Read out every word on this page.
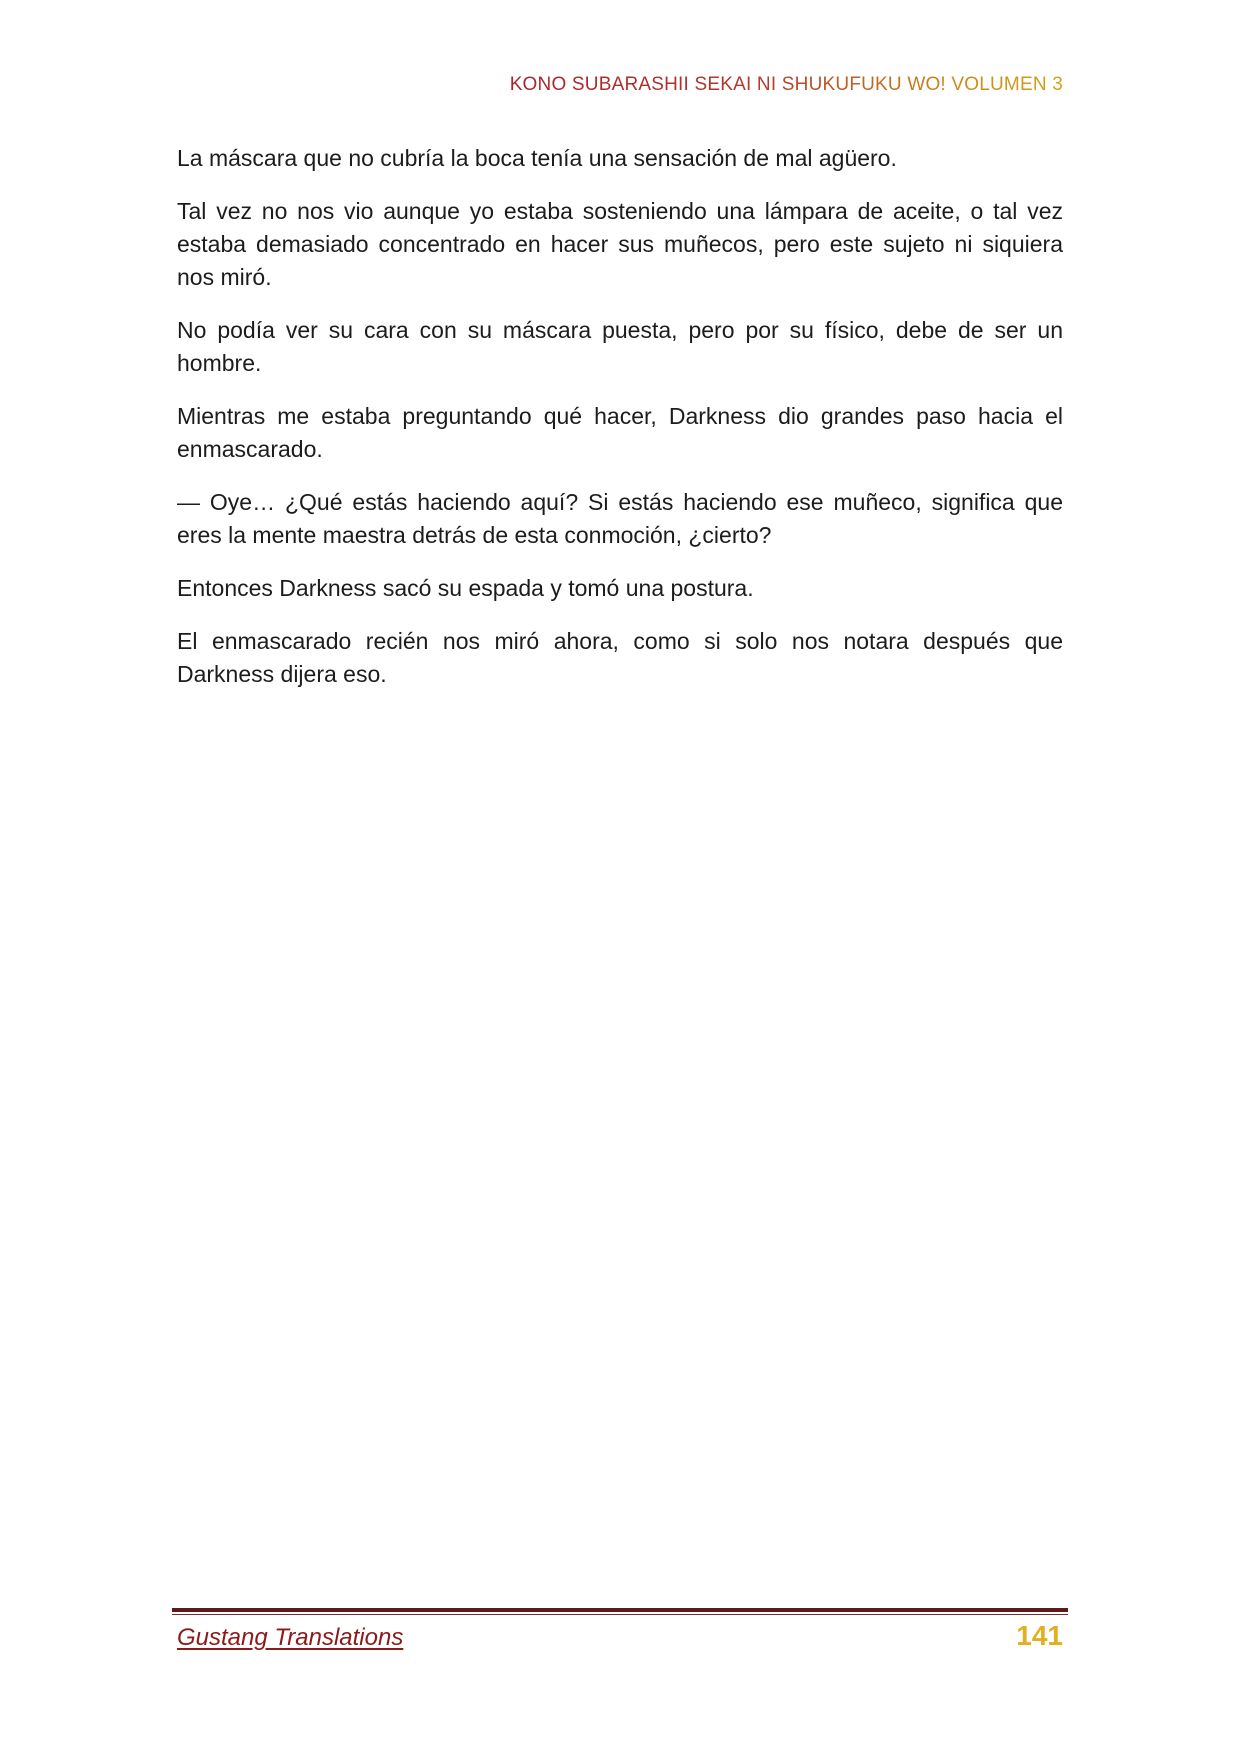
KONO SUBARASHII SEKAI NI SHUKUFUKU WO! VOLUMEN 3

La máscara que no cubría la boca tenía una sensación de mal agüero.

Tal vez no nos vio aunque yo estaba sosteniendo una lámpara de aceite, o tal vez estaba demasiado concentrado en hacer sus muñecos, pero este sujeto ni siquiera nos miró.

No podía ver su cara con su máscara puesta, pero por su físico, debe de ser un hombre.

Mientras me estaba preguntando qué hacer, Darkness dio grandes paso hacia el enmascarado.

— Oye… ¿Qué estás haciendo aquí? Si estás haciendo ese muñeco, significa que eres la mente maestra detrás de esta conmoción, ¿cierto?

Entonces Darkness sacó su espada y tomó una postura.

El enmascarado recién nos miró ahora, como si solo nos notara después que Darkness dijera eso.

Gustang Translations	141
